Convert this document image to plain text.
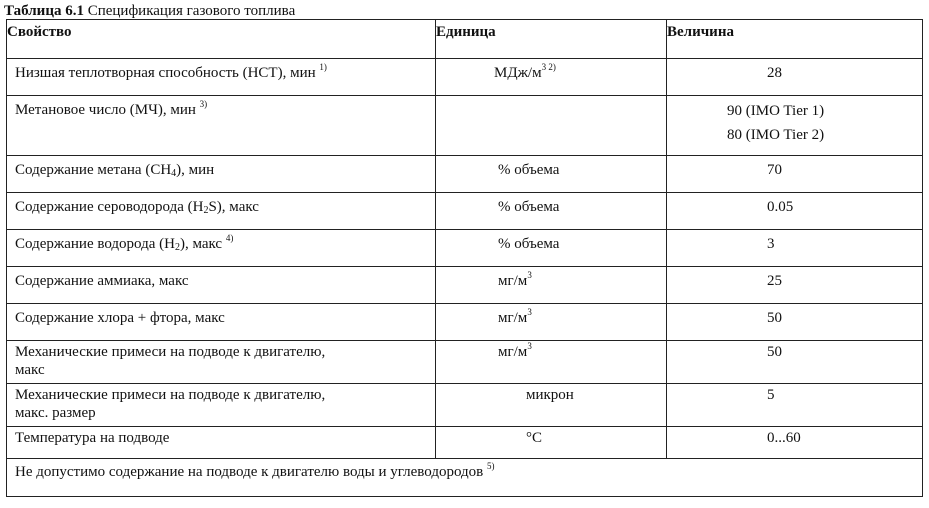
Таблица 6.1 Спецификация газового топлива
Свойство	Единица	Величина

Низшая теплотворная способность (НСТ), мин $^{1)}$	МДж/$м^{3 2)}$	28

Метановое число (МЧ), мин $^{3)}$		90 (IMO Tier 1)
80 (IMO Tier 2)

Содержание метана $(CH_4)$, мин	% объема	70

Содержание сероводорода $(H_2S)$, макс	% объема	0.05

Содержание водорода $(H_2)$, макс $^{4)}$	% объема	3

Содержание аммиака, макс	$мг/м^3$	25

Содержание хлора + фтора, макс	$мг/м^3$	50

Механические примеси на подводе к двигателю,
макс	$мг/м^3$	50

Механические примеси на подводе к двигателю,
макс. размер	микрон	5

Температура на подводе	°C	0...60

Не допустимо содержание на подводе к двигателю воды и углеводородов $^{5)}$
